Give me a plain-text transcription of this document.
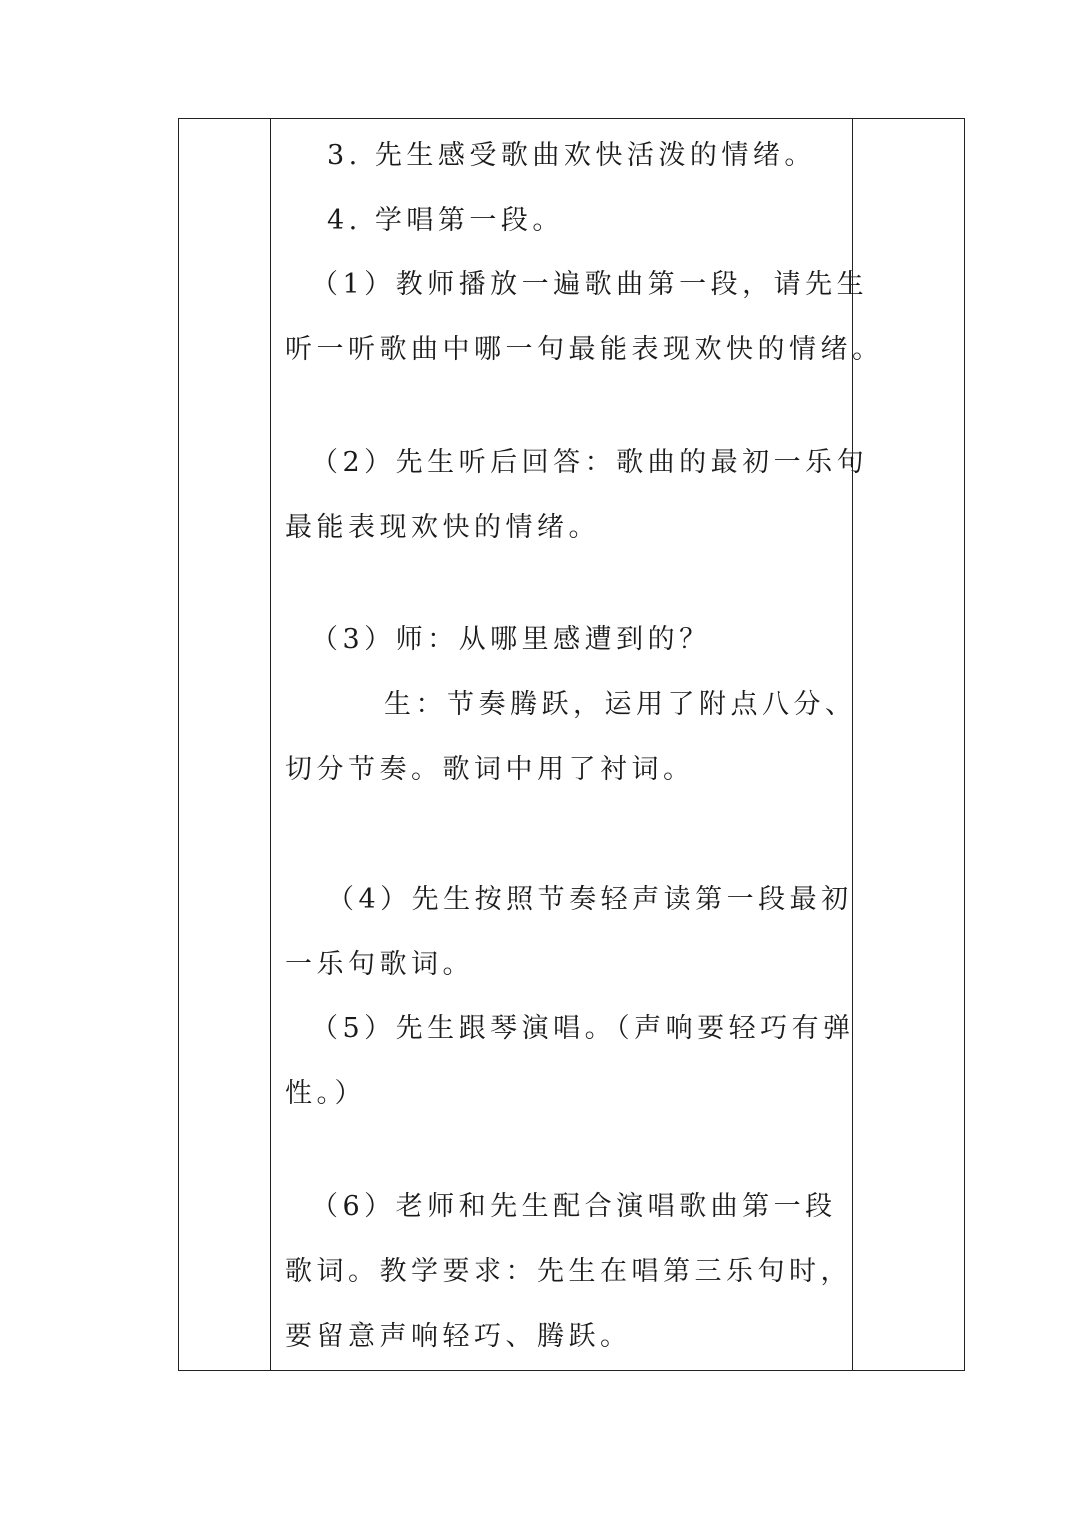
3. 先生感受歌曲欢快活泼的情绪。
4. 学唱第一段。
（1）教师播放一遍歌曲第一段，请先生
听一听歌曲中哪一句最能表现欢快的情绪。
（2）先生听后回答：歌曲的最初一乐句
最能表现欢快的情绪。
（3）师：从哪里感遭到的？
生：节奏腾跃，运用了附点八分、
切分节奏。歌词中用了衬词。
（4）先生按照节奏轻声读第一段最初
一乐句歌词。
（5）先生跟琴演唱。（声响要轻巧有弹
性。）
（6）老师和先生配合演唱歌曲第一段
歌词。教学要求：先生在唱第三乐句时，
要留意声响轻巧、腾跃。
